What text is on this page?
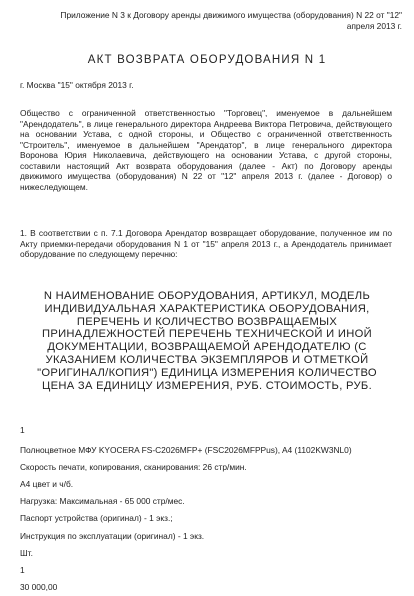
Приложение N 3 к Договору аренды движимого имущества (оборудования) N 22 от "12" апреля 2013 г.
АКТ ВОЗВРАТА ОБОРУДОВАНИЯ N 1
г. Москва "15" октября 2013 г.
Общество с ограниченной ответственностью "Торговец", именуемое в дальнейшем "Арендодатель", в лице генерального директора Андреева Виктора Петровича, действующего на основании Устава, с одной стороны, и Общество с ограниченной ответственность "Строитель", именуемое в дальнейшем "Арендатор", в лице генерального директора Воронова Юрия Николаевича, действующего на основании Устава, с другой стороны, составили настоящий Акт возврата оборудования (далее - Акт) по Договору аренды движимого имущества (оборудования) N 22 от "12" апреля 2013 г. (далее - Договор) о нижеследующем.
1. В соответствии с п. 7.1 Договора Арендатор возвращает оборудование, полученное им по Акту приемки-передачи оборудования N 1 от "15" апреля 2013 г., а Арендодатель принимает оборудование по следующему перечню:
N НАИМЕНОВАНИЕ ОБОРУДОВАНИЯ, АРТИКУЛ, МОДЕЛЬ ИНДИВИДУАЛЬНАЯ ХАРАКТЕРИСТИКА ОБОРУДОВАНИЯ, ПЕРЕЧЕНЬ И КОЛИЧЕСТВО ВОЗВРАЩАЕМЫХ ПРИНАДЛЕЖНОСТЕЙ ПЕРЕЧЕНЬ ТЕХНИЧЕСКОЙ И ИНОЙ ДОКУМЕНТАЦИИ, ВОЗВРАЩАЕМОЙ АРЕНДОДАТЕЛЮ (С УКАЗАНИЕМ КОЛИЧЕСТВА ЭКЗЕМПЛЯРОВ И ОТМЕТКОЙ "ОРИГИНАЛ/КОПИЯ") ЕДИНИЦА ИЗМЕРЕНИЯ КОЛИЧЕСТВО ЦЕНА ЗА ЕДИНИЦУ ИЗМЕРЕНИЯ, РУБ. СТОИМОСТЬ, РУБ.
1
Полноцветное МФУ KYOCERA FS-C2026MFP+ (FSC2026MFPPus), A4 (1102KW3NL0)
Скорость печати, копирования, сканирования: 26 стр/мин.
А4 цвет и ч/б.
Нагрузка: Максимальная - 65 000 стр/мес.
Паспорт устройства (оригинал) - 1 экз.;
Инструкция по эксплуатации (оригинал) - 1 экз.
Шт.
1
30 000,00
